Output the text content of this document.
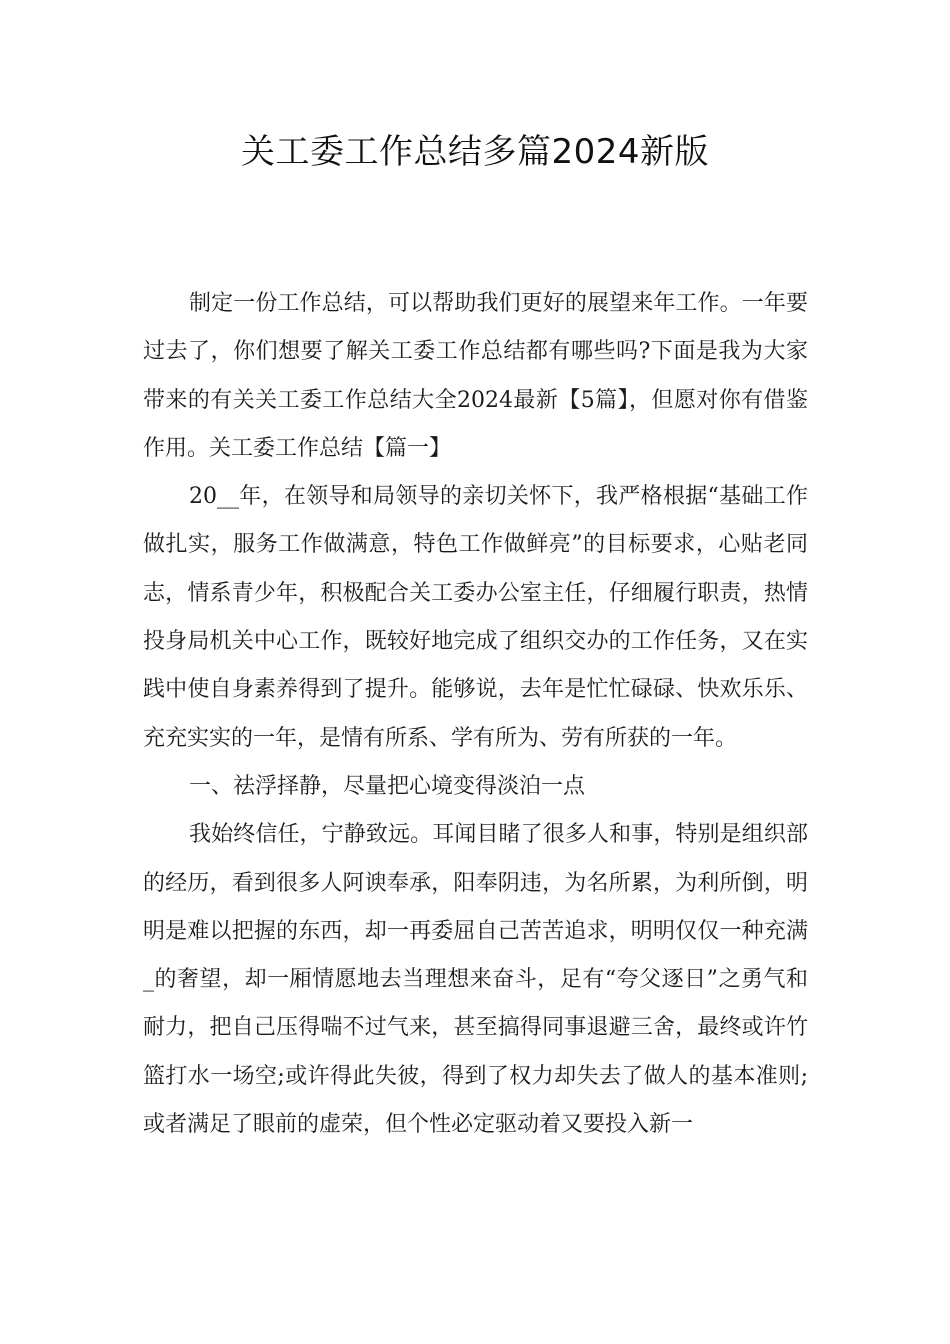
关工委工作总结多篇2024新版

制定一份工作总结，可以帮助我们更好的展望来年工作。一年要过去了，你们想要了解关工委工作总结都有哪些吗?下面是我为大家带来的有关关工委工作总结大全2024最新【5篇】，但愿对你有借鉴作用。关工委工作总结【篇一】

20__年，在领导和局领导的亲切关怀下，我严格根据“基础工作做扎实，服务工作做满意，特色工作做鲜亮”的目标要求，心贴老同志，情系青少年，积极配合关工委办公室主任，仔细履行职责，热情投身局机关中心工作，既较好地完成了组织交办的工作任务，又在实践中使自身素养得到了提升。能够说，去年是忙忙碌碌、快欢乐乐、充充实实的一年，是情有所系、学有所为、劳有所获的一年。

一、祛浮择静，尽量把心境变得淡泊一点

我始终信任，宁静致远。耳闻目睹了很多人和事，特别是组织部的经历，看到很多人阿谀奉承，阳奉阴违，为名所累，为利所倒，明明是难以把握的东西，却一再委屈自己苦苦追求，明明仅仅一种充满_的奢望，却一厢情愿地去当理想来奋斗，足有“夸父逐日”之勇气和耐力，把自己压得喘不过气来，甚至搞得同事退避三舍，最终或许竹篮打水一场空;或许得此失彼，得到了权力却失去了做人的基本准则;或者满足了眼前的虚荣，但个性必定驱动着又要投入新一
